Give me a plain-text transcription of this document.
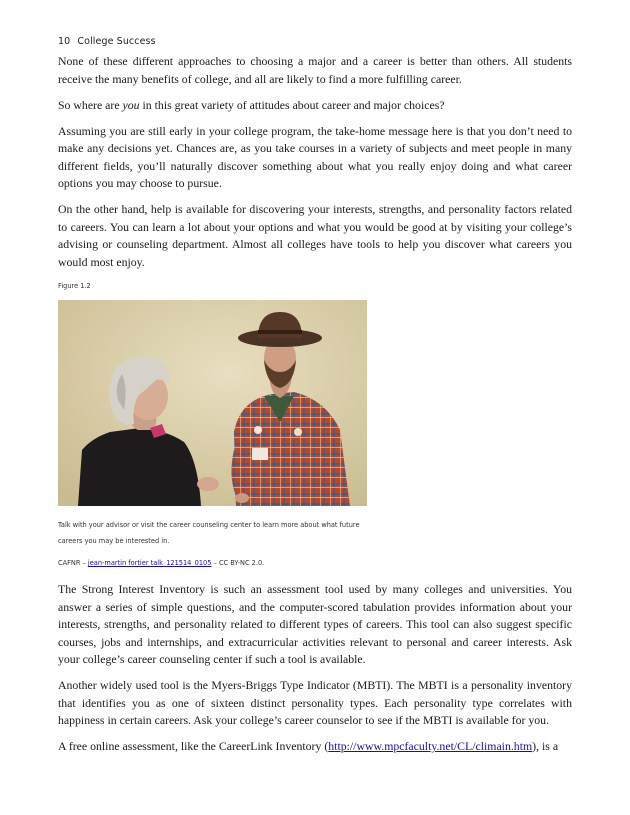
10 College Success

None of these different approaches to choosing a major and a career is better than others. All students receive the many benefits of college, and all are likely to find a more fulfilling career.

So where are you in this great variety of attitudes about career and major choices?

Assuming you are still early in your college program, the take-home message here is that you don’t need to make any decisions yet. Chances are, as you take courses in a variety of subjects and meet people in many different fields, you’ll naturally discover something about what you really enjoy doing and what career options you may choose to pursue.

On the other hand, help is available for discovering your interests, strengths, and personality factors related to careers. You can learn a lot about your options and what you would be good at by visiting your college’s advising or counseling department. Almost all colleges have tools to help you discover what careers you would most enjoy.

Figure 1.2
Talk with your advisor or visit the career counseling center to learn more about what future careers you may be interested in.
CAFNR – jean-martin fortier talk_121514_0105 – CC BY-NC 2.0.

The Strong Interest Inventory is such an assessment tool used by many colleges and universities. You answer a series of simple questions, and the computer-scored tabulation provides information about your interests, strengths, and personality related to different types of careers. This tool can also suggest specific courses, jobs and internships, and extracurricular activities relevant to personal and career interests. Ask your college’s career counseling center if such a tool is available.

Another widely used tool is the Myers-Briggs Type Indicator (MBTI). The MBTI is a personality inventory that identifies you as one of sixteen distinct personality types. Each personality type correlates with happiness in certain careers. Ask your college’s career counselor to see if the MBTI is available for you.

A free online assessment, like the CareerLink Inventory (http://www.mpcfaculty.net/CL/climain.htm), is a
